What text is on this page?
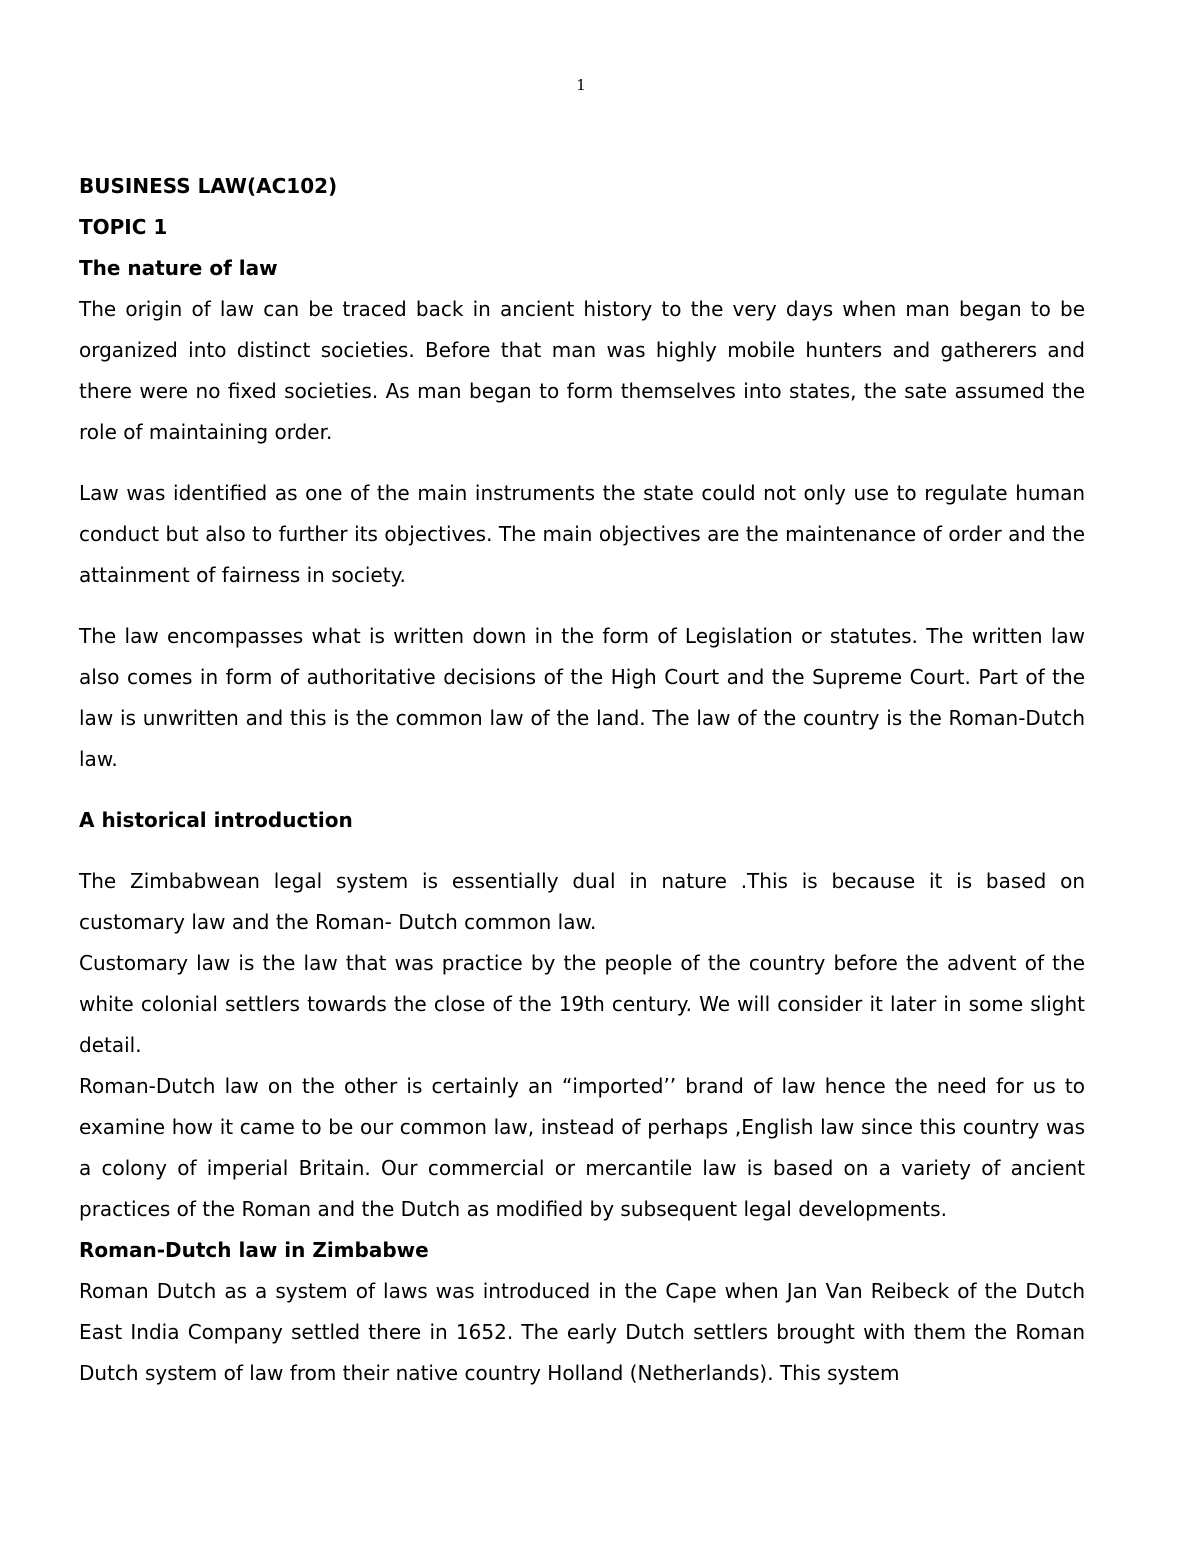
1

BUSINESS LAW(AC102)

TOPIC 1

The nature of law

The origin of law can be traced back in ancient history to the very days when man began to be organized into distinct societies. Before that man was highly mobile hunters and gatherers and there were no fixed societies. As man began to form themselves into states, the sate assumed the role of maintaining order.

Law was identified as one of the main instruments the state could not only use to regulate human conduct but also to further its objectives. The main objectives are the maintenance of order and the attainment of fairness in society.

The law encompasses what is written down in the form of Legislation or statutes. The written law also comes in form of authoritative decisions of the High Court and the Supreme Court. Part of the law is unwritten and this is the common law of the land. The law of the country is the Roman-Dutch law.

A historical introduction

The Zimbabwean legal system is essentially dual in nature .This is because it is based on customary law and the Roman- Dutch common law.

Customary law is the law that was practice by the people of the country before the advent of the white colonial settlers towards the close of the 19th century. We will consider it later in some slight detail.

Roman-Dutch law on the other is certainly an “imported’’ brand of law hence the need for us to examine how it came to be our common law, instead of perhaps ,English law since this country was a colony of imperial Britain. Our commercial or mercantile law is based on a variety of ancient practices of the Roman and the Dutch as modified by subsequent legal developments.

Roman-Dutch law in Zimbabwe

Roman Dutch as a system of laws was introduced in the Cape when Jan Van Reibeck of the Dutch East India Company settled there in 1652. The early Dutch settlers brought with them the Roman Dutch system of law from their native country Holland (Netherlands). This system
